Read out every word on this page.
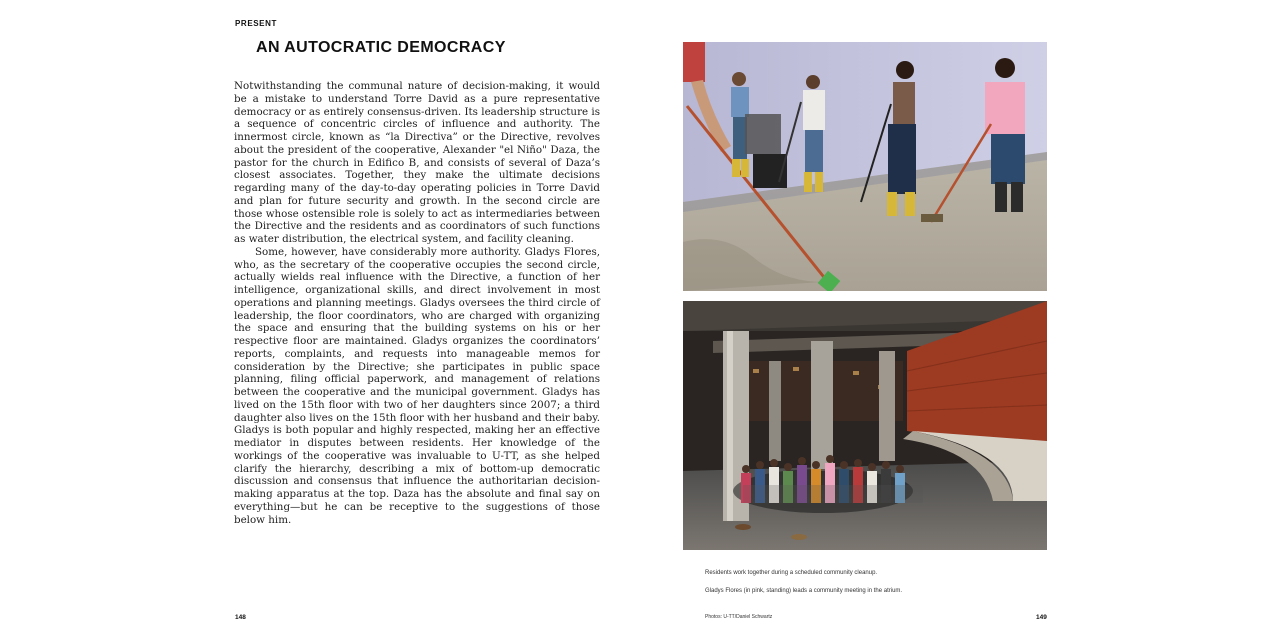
PRESENT
AN AUTOCRATIC DEMOCRACY

Notwithstanding the communal nature of decision-making, it would be a mistake to understand Torre David as a pure representative democracy or as entirely consensus-driven. Its leadership structure is a sequence of concentric circles of influence and authority. The innermost circle, known as “la Directiva” or the Directive, revolves about the president of the cooperative, Alexander "el Niño" Daza, the pastor for the church in Edifico B, and consists of several of Daza’s closest associates. Together, they make the ultimate decisions regarding many of the day-to-day operating policies in Torre David and plan for future security and growth. In the second circle are those whose ostensible role is solely to act as intermediaries between the Directive and the residents and as coordinators of such functions as water distribution, the electrical system, and facility cleaning.

Some, however, have considerably more authority. Gladys Flores, who, as the secretary of the cooperative occupies the second circle, actually wields real influence with the Directive, a function of her intelligence, organizational skills, and direct involvement in most operations and planning meetings. Gladys oversees the third circle of leadership, the floor coordinators, who are charged with organizing the space and ensuring that the building systems on his or her respective floor are maintained. Gladys organizes the coordinators’ reports, complaints, and requests into manageable memos for consideration by the Directive; she participates in public space planning, filing official paperwork, and management of relations between the cooperative and the municipal government. Gladys has lived on the 15th floor with two of her daughters since 2007; a third daughter also lives on the 15th floor with her husband and their baby. Gladys is both popular and highly respected, making her an effective mediator in disputes between residents. Her knowledge of the workings of the cooperative was invaluable to U-TT, as she helped clarify the hierarchy, describing a mix of bottom-up democratic discussion and consensus that influence the authoritarian decision-making apparatus at the top. Daza has the absolute and final say on everything—but he can be receptive to the suggestions of those below him.

148

Residents work together during a scheduled community cleanup.

Gladys Flores (in pink, standing) leads a community meeting in the atrium.

Photos: U-TT/Daniel Schwartz	149
